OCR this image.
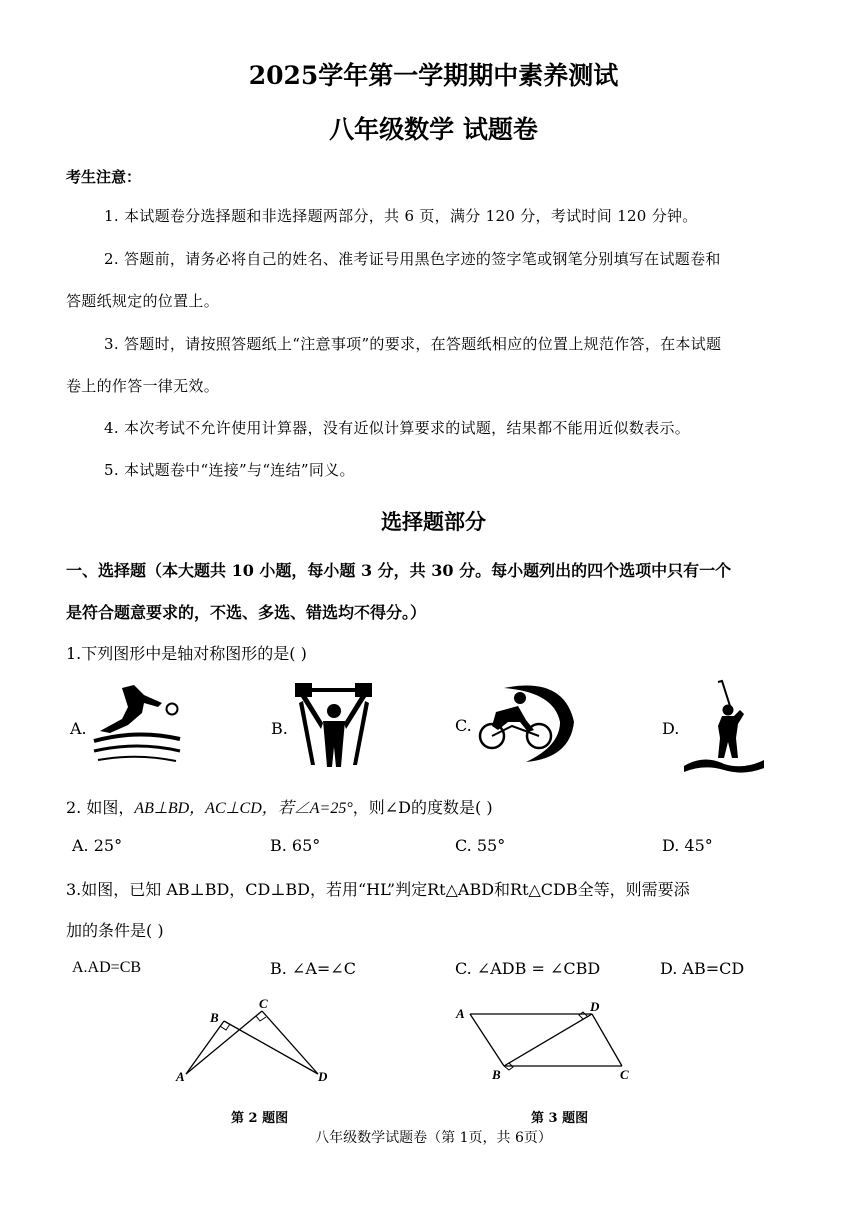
2025学年第一学期期中素养测试
八年级数学 试题卷
考生注意：
1. 本试题卷分选择题和非选择题两部分，共 6 页，满分 120 分，考试时间 120 分钟。
2. 答题前，请务必将自己的姓名、准考证号用黑色字迹的签字笔或钢笔分别填写在试题卷和
答题纸规定的位置上。
3. 答题时，请按照答题纸上“注意事项”的要求，在答题纸相应的位置上规范作答，在本试题
卷上的作答一律无效。
4. 本次考试不允许使用计算器，没有近似计算要求的试题，结果都不能用近似数表示。
5. 本试题卷中“连接”与“连结”同义。
选择题部分
一、选择题（本大题共 10 小题，每小题 3 分，共 30 分。每小题列出的四个选项中只有一个
是符合题意要求的，不选、多选、错选均不得分。）
1.下列图形中是轴对称图形的是( )
A.	B.	C.	D.
2. 如图，AB⊥BD，AC⊥CD，若∠A=25°，则∠D的度数是( )
A. 25°	B. 65°	C. 55°	D. 45°
3.如图，已知 AB⊥BD，CD⊥BD，若用“HL”判定Rt△ABD和Rt△CDB全等，则需要添
加的条件是( )
A.AD=CB	B. ∠A=∠C	C. ∠ADB = ∠CBD	D. AB=CD
B
C
A	D
第 2 题图
A	D
B	C
第 3 题图
八年级数学试题卷（第 1页，共 6页）
